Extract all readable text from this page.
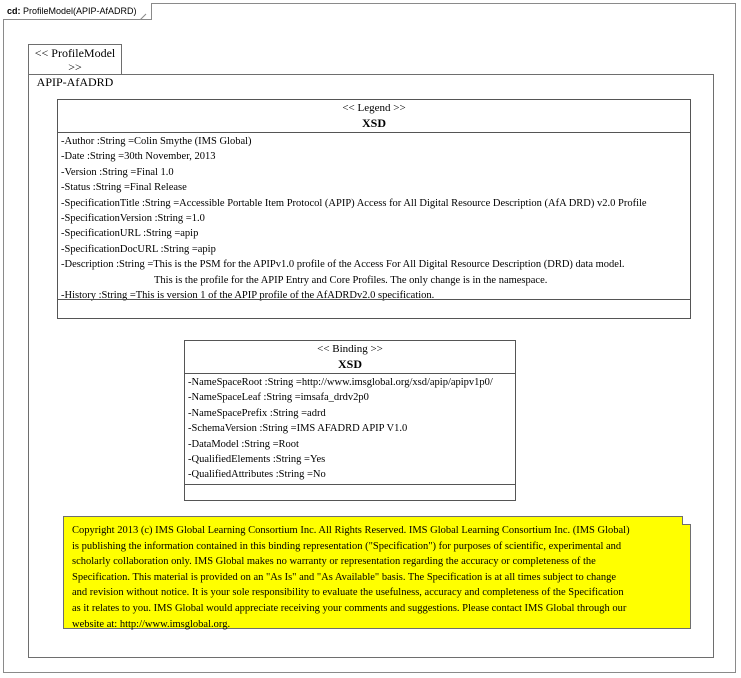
cd: ProfileModel(APIP-AfADRD)
<< ProfileModel >>
APIP-AfADRD
<< Legend >>
XSD
-Author :String =Colin Smythe (IMS Global)
-Date :String =30th November, 2013
-Version :String =Final 1.0
-Status :String =Final Release
-SpecificationTitle :String =Accessible Portable Item Protocol (APIP) Access for All Digital Resource Description (AfA DRD) v2.0 Profile
-SpecificationVersion :String =1.0
-SpecificationURL :String =apip
-SpecificationDocURL :String =apip
-Description :String =This is the PSM for the APIPv1.0 profile of the Access For All Digital Resource Description (DRD) data model.
This is the profile for the APIP Entry and Core Profiles. The only change is in the namespace.
-History :String =This is version 1 of the APIP profile of the AfADRDv2.0 specification.
<< Binding >>
XSD
-NameSpaceRoot :String =http://www.imsglobal.org/xsd/apip/apipv1p0/
-NameSpaceLeaf :String =imsafa_drdv2p0
-NameSpacePrefix :String =adrd
-SchemaVersion :String =IMS AFADRD APIP V1.0
-DataModel :String =Root
-QualifiedElements :String =Yes
-QualifiedAttributes :String =No
Copyright 2013 (c) IMS Global Learning Consortium Inc. All Rights Reserved. IMS Global Learning Consortium Inc. (IMS Global)
is publishing the information contained in this binding representation ("Specification") for purposes of scientific, experimental and
scholarly collaboration only. IMS Global makes no warranty or representation regarding the accuracy or completeness of the
Specification. This material is provided on an "As Is" and "As Available" basis. The Specification is at all times subject to change
and revision without notice. It is your sole responsibility to evaluate the usefulness, accuracy and completeness of the Specification
as it relates to you. IMS Global would appreciate receiving your comments and suggestions. Please contact IMS Global through our
website at: http://www.imsglobal.org.
